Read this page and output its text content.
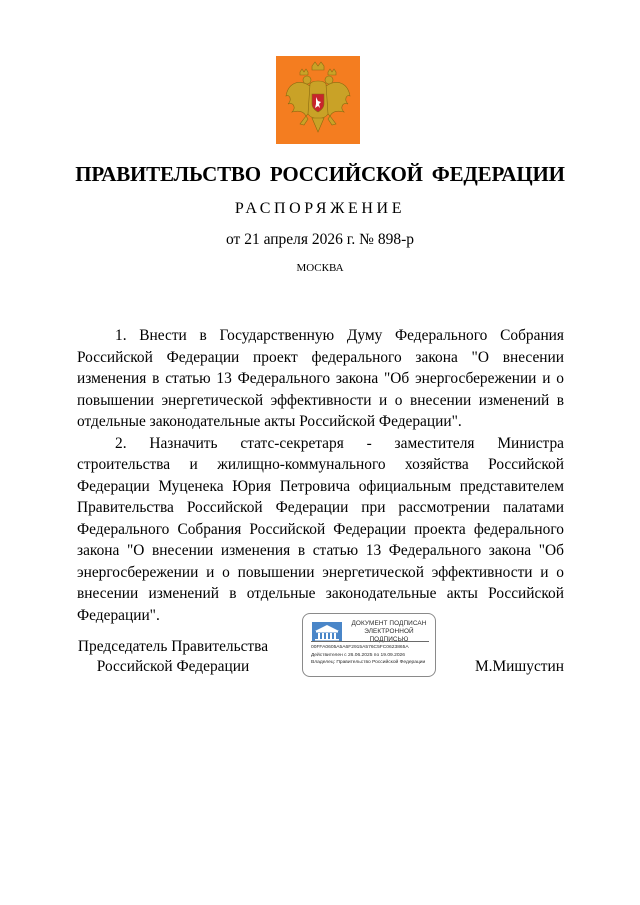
ПРАВИТЕЛЬСТВО РОССИЙСКОЙ ФЕДЕРАЦИИ
РАСПОРЯЖЕНИЕ
от 21 апреля 2026 г. № 898-р
МОСКВА

1. Внести в Государственную Думу Федерального Собрания Российской Федерации проект федерального закона "О внесении изменения в статью 13 Федерального закона "Об энергосбережении и о повышении энергетической эффективности и о внесении изменений в отдельные законодательные акты Российской Федерации".

2. Назначить статс-секретаря - заместителя Министра строительства и жилищно-коммунального хозяйства Российской Федерации Муценека Юрия Петровича официальным представителем Правительства Российской Федерации при рассмотрении палатами Федерального Собрания Российской Федерации проекта федерального закона "О внесении изменения в статью 13 Федерального закона "Об энергосбережении и о повышении энергетической эффективности и о внесении изменений в отдельные законодательные акты Российской Федерации".

Председатель Правительства
Российской Федерации
ДОКУМЕНТ ПОДПИСАН ЭЛЕКТРОННОЙ ПОДПИСЬЮ
00FFA0605A5A6F2915A576C5FC0623865A
Действителен с 26.06.2025 по 19.09.2026
Владелец: Правительство Российской Федерации	М.Мишустин
